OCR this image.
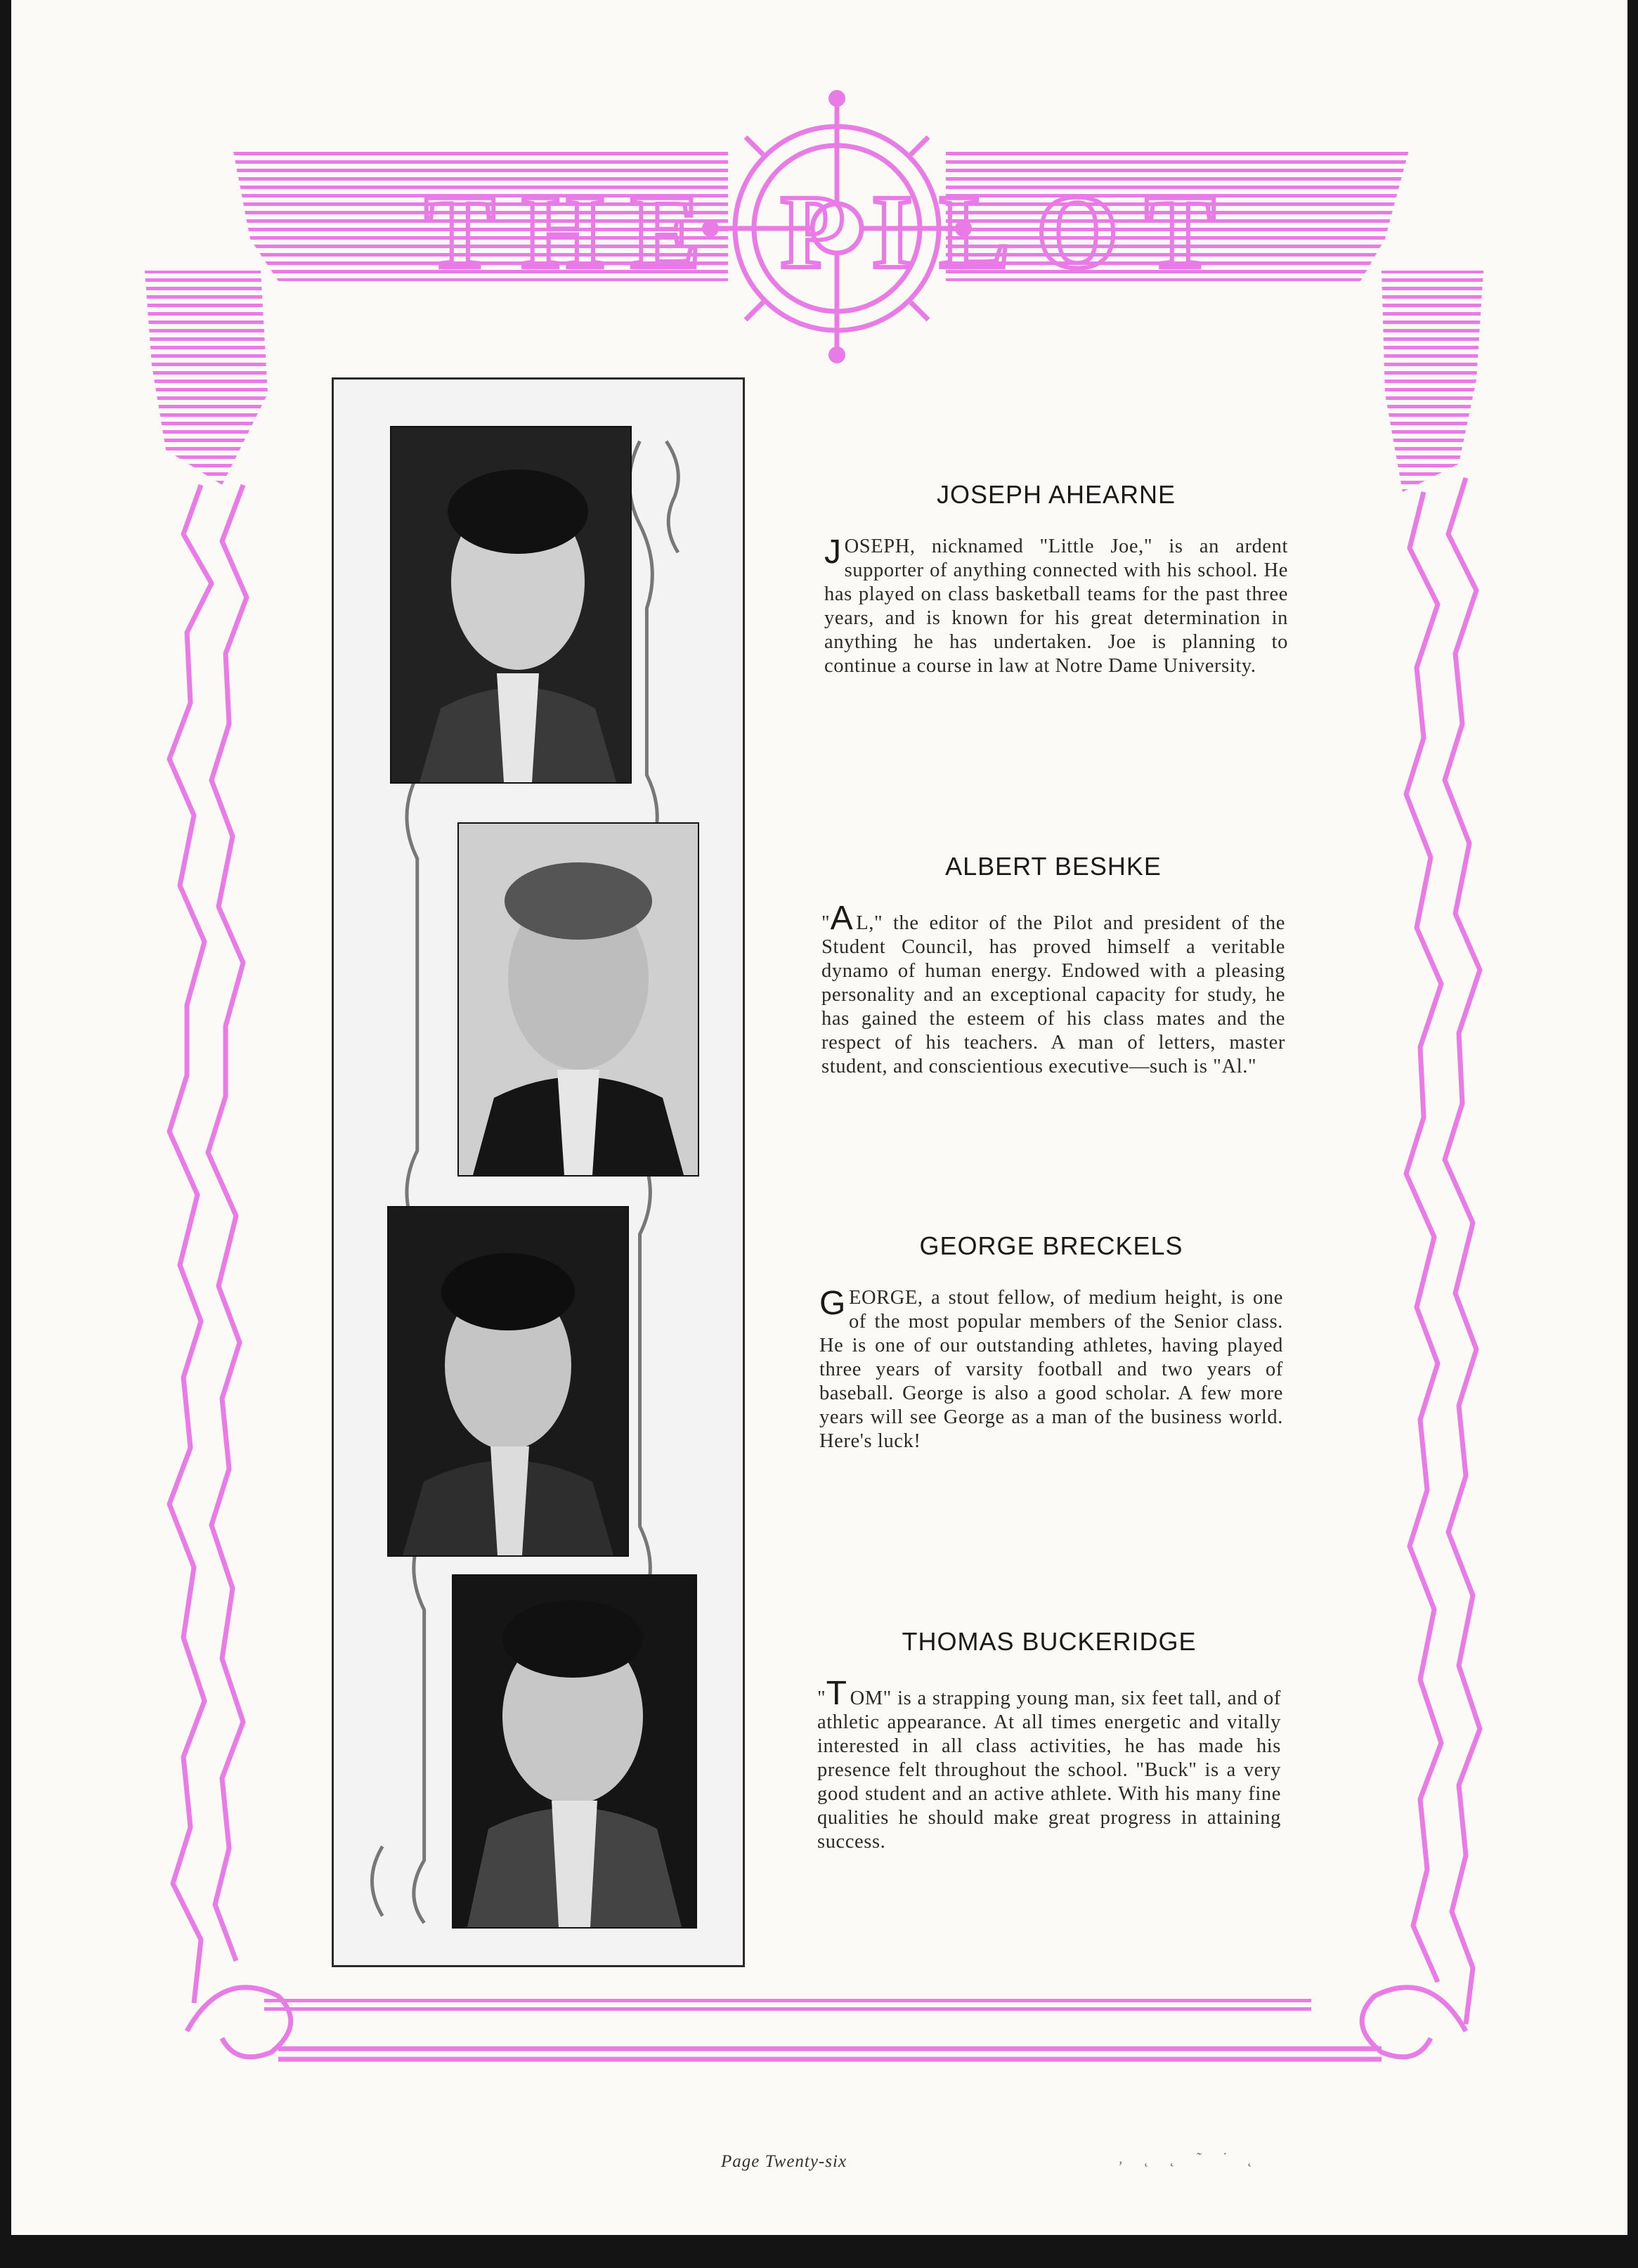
THE PILOT
JOSEPH AHEARNE

JOSEPH, nicknamed "Little Joe," is an ardent supporter of anything connected with his school. He has played on class basketball teams for the past three years, and is known for his great determination in anything he has undertaken. Joe is planning to continue a course in law at Notre Dame University.

ALBERT BESHKE

"A L," the editor of the Pilot and president of the Student Council, has proved himself a veritable dynamo of human energy. Endowed with a pleasing personality and an exceptional capacity for study, he has gained the esteem of his class mates and the respect of his teachers. A man of letters, master student, and conscientious executive—such is "Al."

GEORGE BRECKELS

GEORGE, a stout fellow, of medium height, is one of the most popular members of the Senior class. He is one of our outstanding athletes, having played three years of varsity football and two years of baseball. George is also a good scholar. A few more years will see George as a man of the business world. Here's luck!

THOMAS BUCKERIDGE

"T OM" is a strapping young man, six feet tall, and of athletic appearance. At all times energetic and vitally interested in all class activities, he has made his presence felt throughout the school. "Buck" is a very good student and an active athlete. With his many fine qualities he should make great progress in attaining success.

Page Twenty-six	‚ ˛ ˛ ˜ ˙ ˛
